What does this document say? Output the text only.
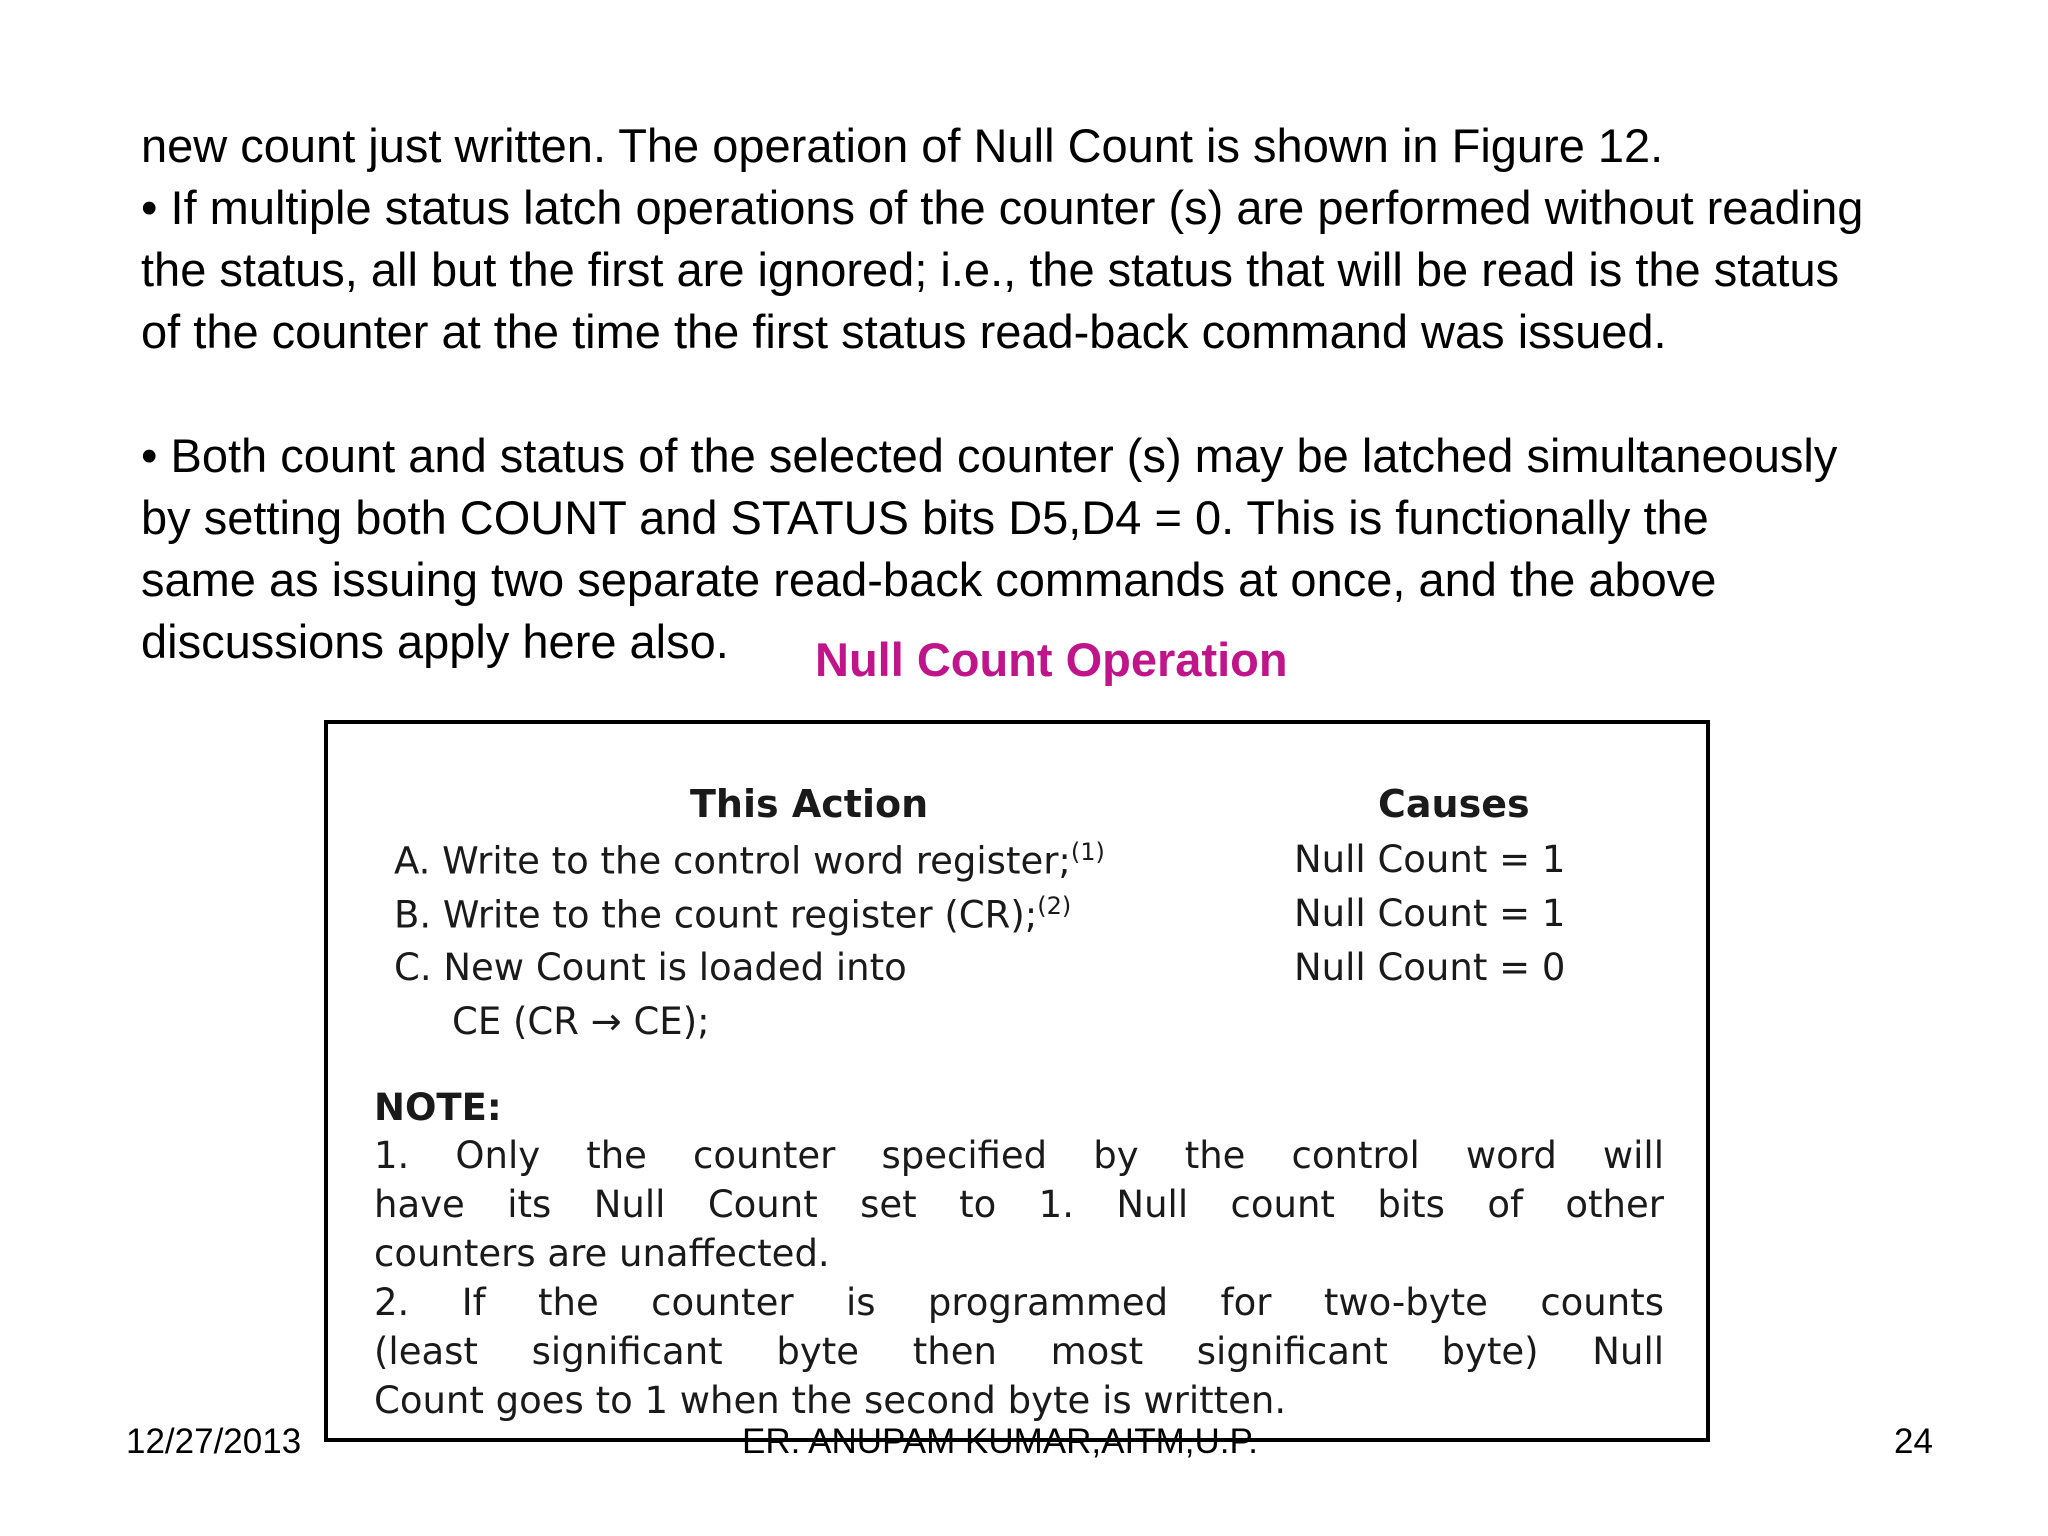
new count just written. The operation of Null Count is shown in Figure 12.

• If multiple status latch operations of the counter (s) are performed without reading

the status, all but the first are ignored; i.e., the status that will be read is the status

of the counter at the time the first status read-back command was issued.

• Both count and status of the selected counter (s) may be latched simultaneously

by setting both COUNT and STATUS bits D5,D4 = 0. This is functionally the

same as issuing two separate read-back commands at once, and the above

discussions apply here also.	Null Count Operation
This Action	Causes
A. Write to the control word register;$^{(1)}$	Null Count = 1
B. Write to the count register (CR);$^{(2)}$	Null Count = 1
C. New Count is loaded into	Null Count = 0
CE (CR → CE);
NOTE:
1. Only the counter specified by the control word will
have its Null Count set to 1. Null count bits of other
counters are unaffected.
2. If the counter is programmed for two-byte counts
(least significant byte then most significant byte) Null
Count goes to 1 when the second byte is written.
12/27/2013	ER. ANUPAM KUMAR,AITM,U.P.	24
